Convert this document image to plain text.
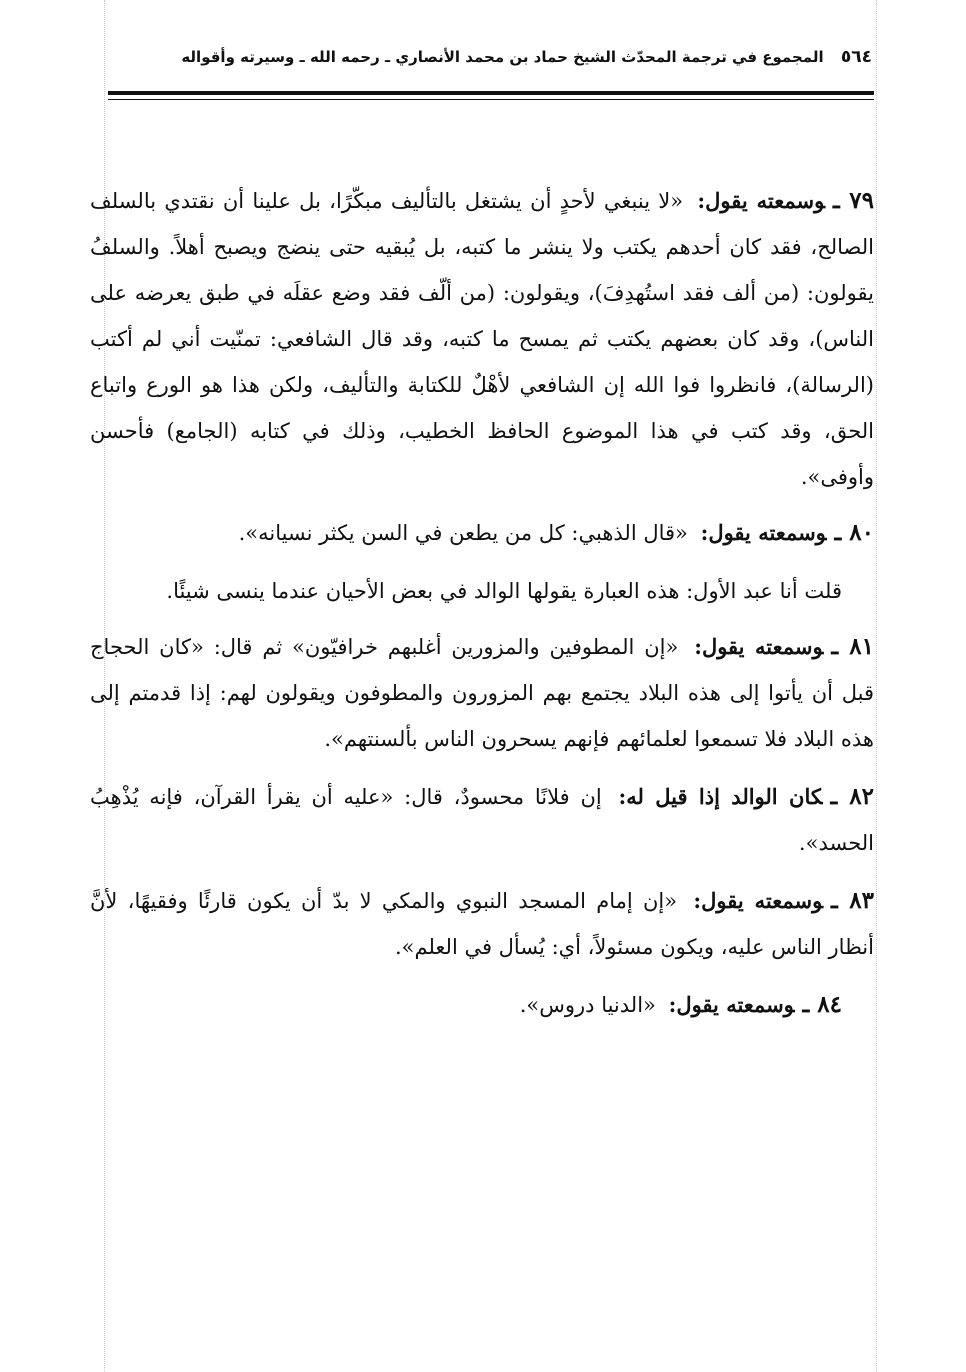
٥٦٤ المجموع في ترجمة المحدّث الشيخ حماد بن محمد الأنصاري ـ رحمه الله ـ وسيرته وأقواله

٧٩ ـوسمعته يقول: «لا ينبغي لأحدٍ أن يشتغل بالتأليف مبكّرًا، بل علينا أن نقتدي بالسلف الصالح، فقد كان أحدهم يكتب ولا ينشر ما كتبه، بل يُبقيه حتى ينضج ويصبح أهلاً. والسلفُ يقولون: (من ألف فقد استُهدِفَ)، ويقولون: (من ألّف فقد وضع عقلَه في طبق يعرضه على الناس)، وقد كان بعضهم يكتب ثم يمسح ما كتبه، وقد قال الشافعي: تمنّيت أني لم أكتب (الرسالة)، فانظروا فوا الله إن الشافعي لأهْلٌ للكتابة والتأليف، ولكن هذا هو الورع واتباع الحق، وقد كتب في هذا الموضوع الحافظ الخطيب، وذلك في كتابه (الجامع) فأحسن وأوفى».

٨٠ ـوسمعته يقول: «قال الذهبي: كل من يطعن في السن يكثر نسيانه».

قلت أنا عبد الأول: هذه العبارة يقولها الوالد في بعض الأحيان عندما ينسى شيئًا.

٨١ ـوسمعته يقول: «إن المطوفين والمزورين أغلبهم خرافيّون» ثم قال: «كان الحجاج قبل أن يأتوا إلى هذه البلاد يجتمع بهم المزورون والمطوفون ويقولون لهم: إذا قدمتم إلى هذه البلاد فلا تسمعوا لعلمائهم فإنهم يسحرون الناس بألسنتهم».

٨٢ ـكان الوالد إذا قيل له: إن فلانًا محسودٌ، قال: «عليه أن يقرأ القرآن، فإنه يُذْهِبُ الحسد».

٨٣ ـوسمعته يقول: «إن إمام المسجد النبوي والمكي لا بدّ أن يكون قارئًا وفقيهًا، لأنَّ أنظار الناس عليه، ويكون مسئولاً، أي: يُسأل في العلم».

٨٤ ـوسمعته يقول: «الدنيا دروس».
